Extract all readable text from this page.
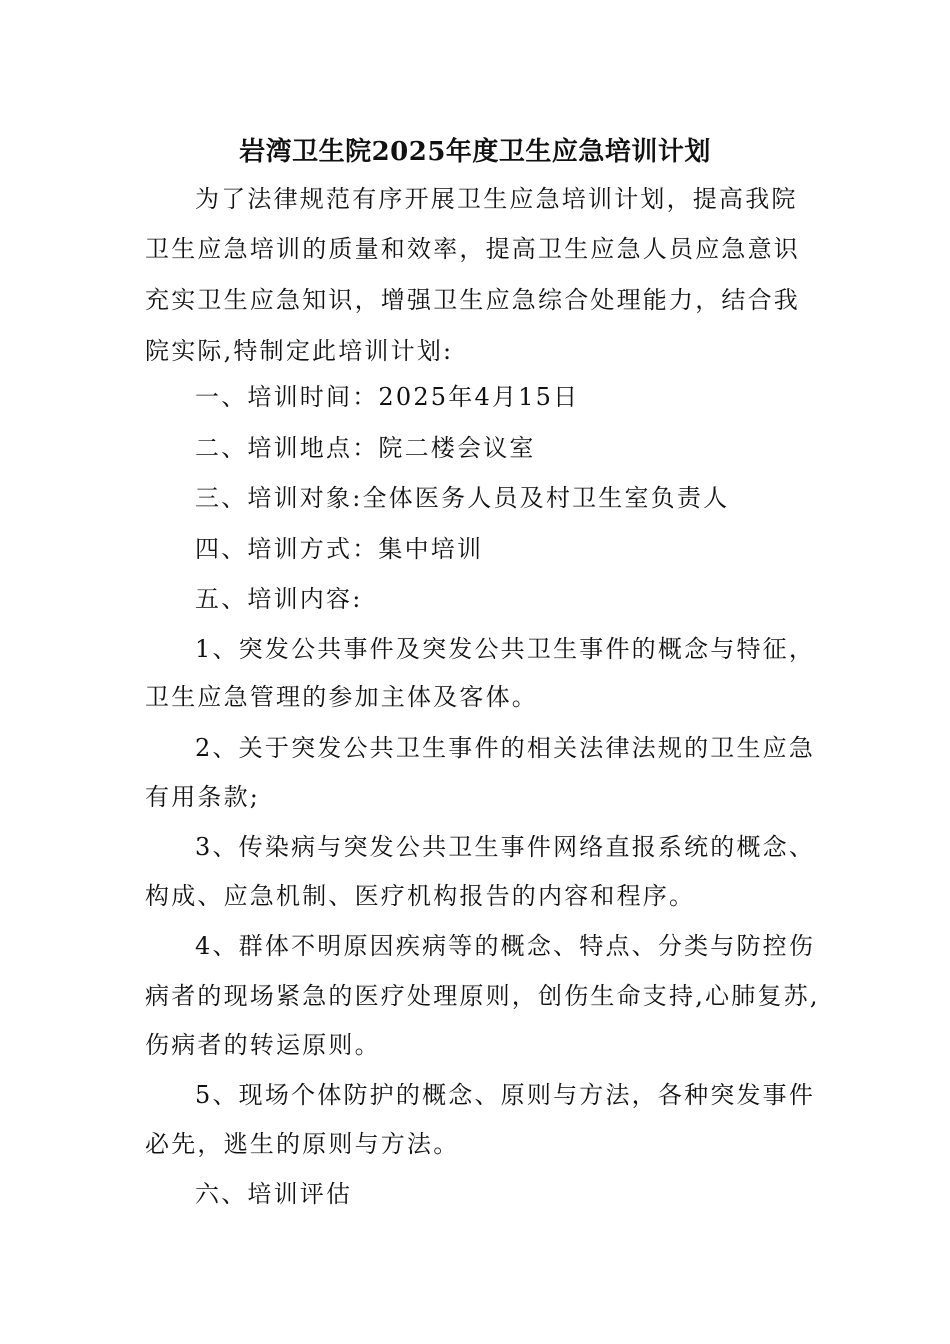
岩湾卫生院2025年度卫生应急培训计划
为了法律规范有序开展卫生应急培训计划，提高我院
卫生应急培训的质量和效率，提高卫生应急人员应急意识
充实卫生应急知识，增强卫生应急综合处理能力，结合我
院实际,特制定此培训计划:
一、培训时间：2025年4月15日
二、培训地点：院二楼会议室
三、培训对象:全体医务人员及村卫生室负责人
四、培训方式：集中培训
五、培训内容:
1、突发公共事件及突发公共卫生事件的概念与特征，
卫生应急管理的参加主体及客体。
2、关于突发公共卫生事件的相关法律法规的卫生应急
有用条款;
3、传染病与突发公共卫生事件网络直报系统的概念、
构成、应急机制、医疗机构报告的内容和程序。
4、群体不明原因疾病等的概念、特点、分类与防控伤
病者的现场紧急的医疗处理原则，创伤生命支持,心肺复苏,
伤病者的转运原则。
5、现场个体防护的概念、原则与方法，各种突发事件
必先，逃生的原则与方法。
六、培训评估
